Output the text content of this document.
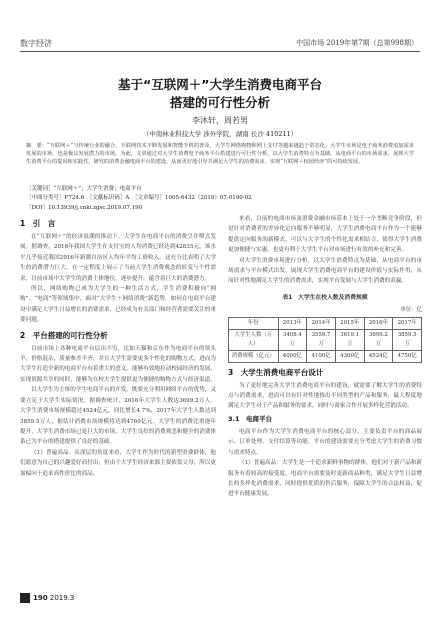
数字经济	中国市场 2019年第7期（总第998期）
基于“互联网＋”大学生消费电商平台
搭建的可行性分析
李沐轩，周若男
（中南林业科技大学 涉外学院，湖南 长沙 410211）
摘　要：“互联网＋”与传统行业的融合，互联网技术不断发展和智能手机的普及，大学生网络购物和网上支付等越来越趋于常态化。大学生市场是电子商务消费追加需求发展的市场，也是极具发展潜力的市场。为此，文章通过对大学生消费电子商务平台搭建进行可行性分析，以大学生消费特点为基础，从电商平台的市场需求，展现大学生消费平台的提出和实践性，研究的消费金融电商平台的建设，从而更好地引导并满足大学生的消费需求，实现“互联网＋校园经济”的可持续发展。
［关键词］“互联网＋”；大学生消费；电商平台
［中图分类号］F724.6　［文献标识码］A　［文章编号］1005-6432（2019）07-0190-02
［DOI］10.13939/j.cnki.zgsc.2019.07.190
1　引　言

在“互联网＋”的经济浪潮的推动下，大学生在电商平台的消费呈井喷式发展。据调查，2016年我国大学生在支付宝的人均消费已经达到42835元，该水平几乎接近我国2016年新疆自治区人均年平均工资收入。这充分比表明了大学生的消费潜力巨大，在一定程度上展示了当前大学生消费观念的转变与个性需求，目前市场中大学生的消费主体地位，逐步提升，蕴含着巨大的消费潜力。

所以，网络购物已成为大学生的一种生活方式，学生消费积极向“网购”、“电商”等领域集中，面对“大学生＋网络消费”新趋势，如何在电商平台建设中满足大学生日益增长的消费需求，已经成为有关部门和经营者需要关注的重要问题。

2　平台搭建的可行性分析

目前市场上各种电商平台层出不穷，比如天猫和京东作为电商平台的领头羊，价格混杂，质量参差不齐，并且大学生需要更多个性化的购物方式，进而为大学生打造全新的电商平台有着重大的意义，能够有效地拉动校园经济的发展，实现资源共享的同时，能够为在校大学生提供更为便捷的购物方式与经济渠道。

以大学生为主体的学生电商平台的开发，既要充分利用网络平台的优势，又要立足于大学生实际情况。据调查统计，2016年大学生人数达3699.2万人，大学生消费市场规模超过4524亿元，同比增长4.7%，2017年大学生人数达到3859.5万人，据估计消费市场规模将达到4760亿元。大学生的消费比重逐年提升，大学生消费市场已是巨大的市场，大学生良好的消费观念和健全的消费体系已为平台的搭建提供了良好的基础。

（1）普遍高品：从深层的角度来看，大学生作为时代的新型消费群体，他们愿意为自己的兴趣爱好而付出，但由于大学生经济来源主要依靠父母，所以更加偏向于追求高性价比的商品。

来看，目前的电商市场及消费金融市场基本上处于一个垄断竞争阶段，但是针对消费者的差异化定向服务不够明显，大学生消费电商平台作为一个能够提供定向服务的新模式，可以与大学生的个性化需求相结合，使得大学生消费更加便捷与实惠，也更有利于大学生平台对市场进行有效的补充和完善。

对大学生消费市场进行分析，以大学生消费特点为基础，从电商平台的市场需求与平台模式出发，展现大学生消费电商平台的建设价值与实际作用，从而针对性地满足大学生的消费需求，实现平台发展与大学生消费的双赢。

表1　大学生在校人数及消费规模
单位：亿
年份	2013年	2014年	2015年	2016年	2017年
大学生人数（万人）	3408.4万	3559.7万	3619.1万	3699.2万	3859.5万
消费规模（亿元）	4000亿	4100亿	4300亿	4524亿	4750亿
3　大学生消费电商平台设计

为了更好地完善大学生消费电商平台的建设，就需要了解大学生的消费特点与消费需求，进而可以有针对性地推出不同类型的产品和服务，最大程度地满足大学生对于产品和服务的要求，同时与商家合作开展多样化营销活动。

3.1　电商平台

电商平台作为大学生消费电商平台的核心部分，主要负责平台的商品展示、订单处理、支付结算等功能，平台的建设需要充分考虑大学生的消费习惯与需求特点。

（1）普遍高品：大学生是一个追求新鲜事物的群体，他们对于新产品和新服务有着较高的接受度，电商平台需要及时更新商品种类，满足大学生日益增长的多样化消费需求，同时提供优质的售后服务，保障大学生的合法权益，促进平台健康发展。

190 2019.3
